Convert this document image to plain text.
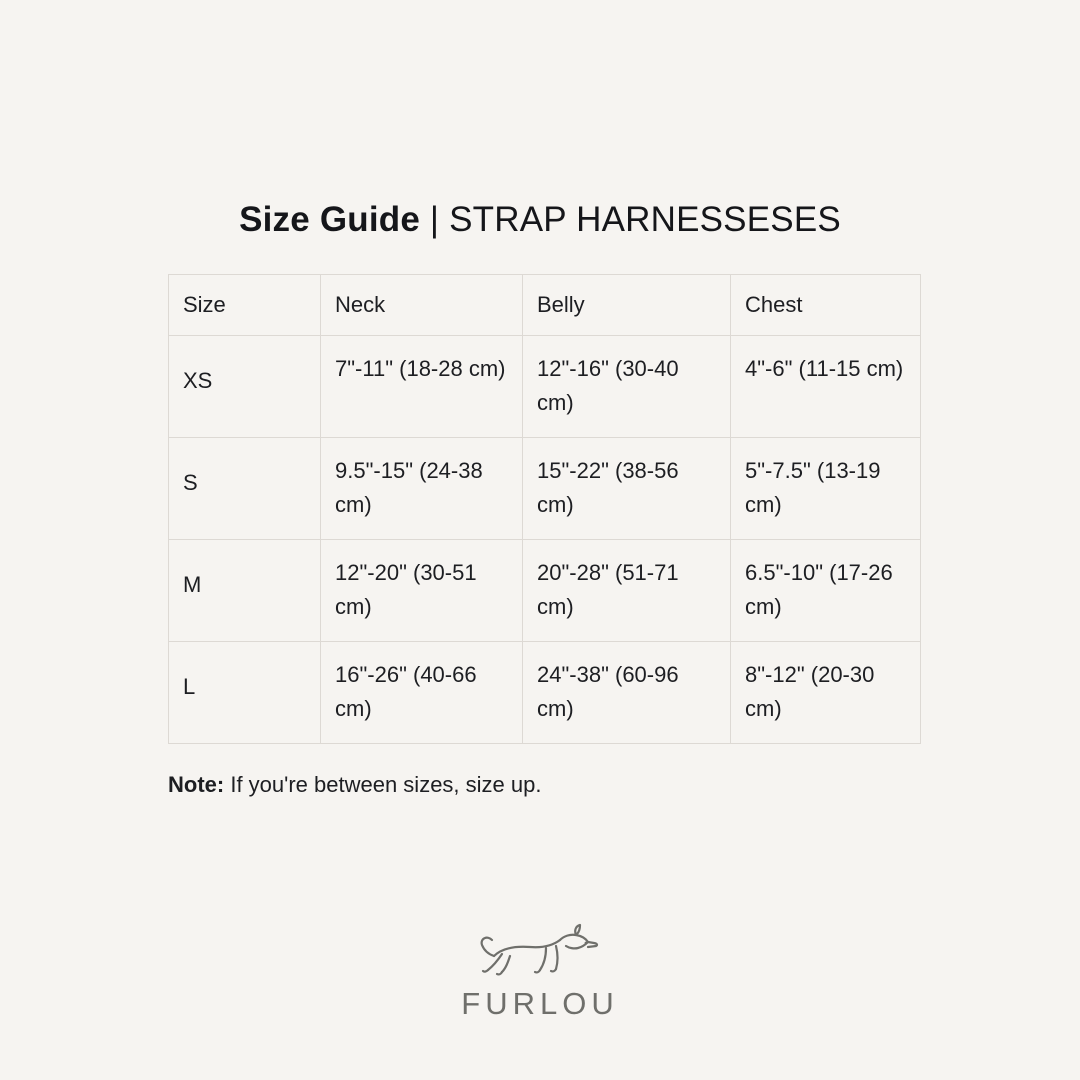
Size Guide | STRAP HARNESSESES
Size	Neck	Belly	Chest
XS	7"-11" (18-28 cm)	12"-16" (30-40 cm)	4"-6" (11-15 cm)
S	9.5"-15" (24-38 cm)	15"-22" (38-56 cm)	5"-7.5" (13-19 cm)
M	12"-20" (30-51 cm)	20"-28" (51-71 cm)	6.5"-10" (17-26 cm)
L	16"-26" (40-66 cm)	24"-38" (60-96 cm)	8"-12" (20-30 cm)
Note: If you're between sizes, size up.
FURLOU
